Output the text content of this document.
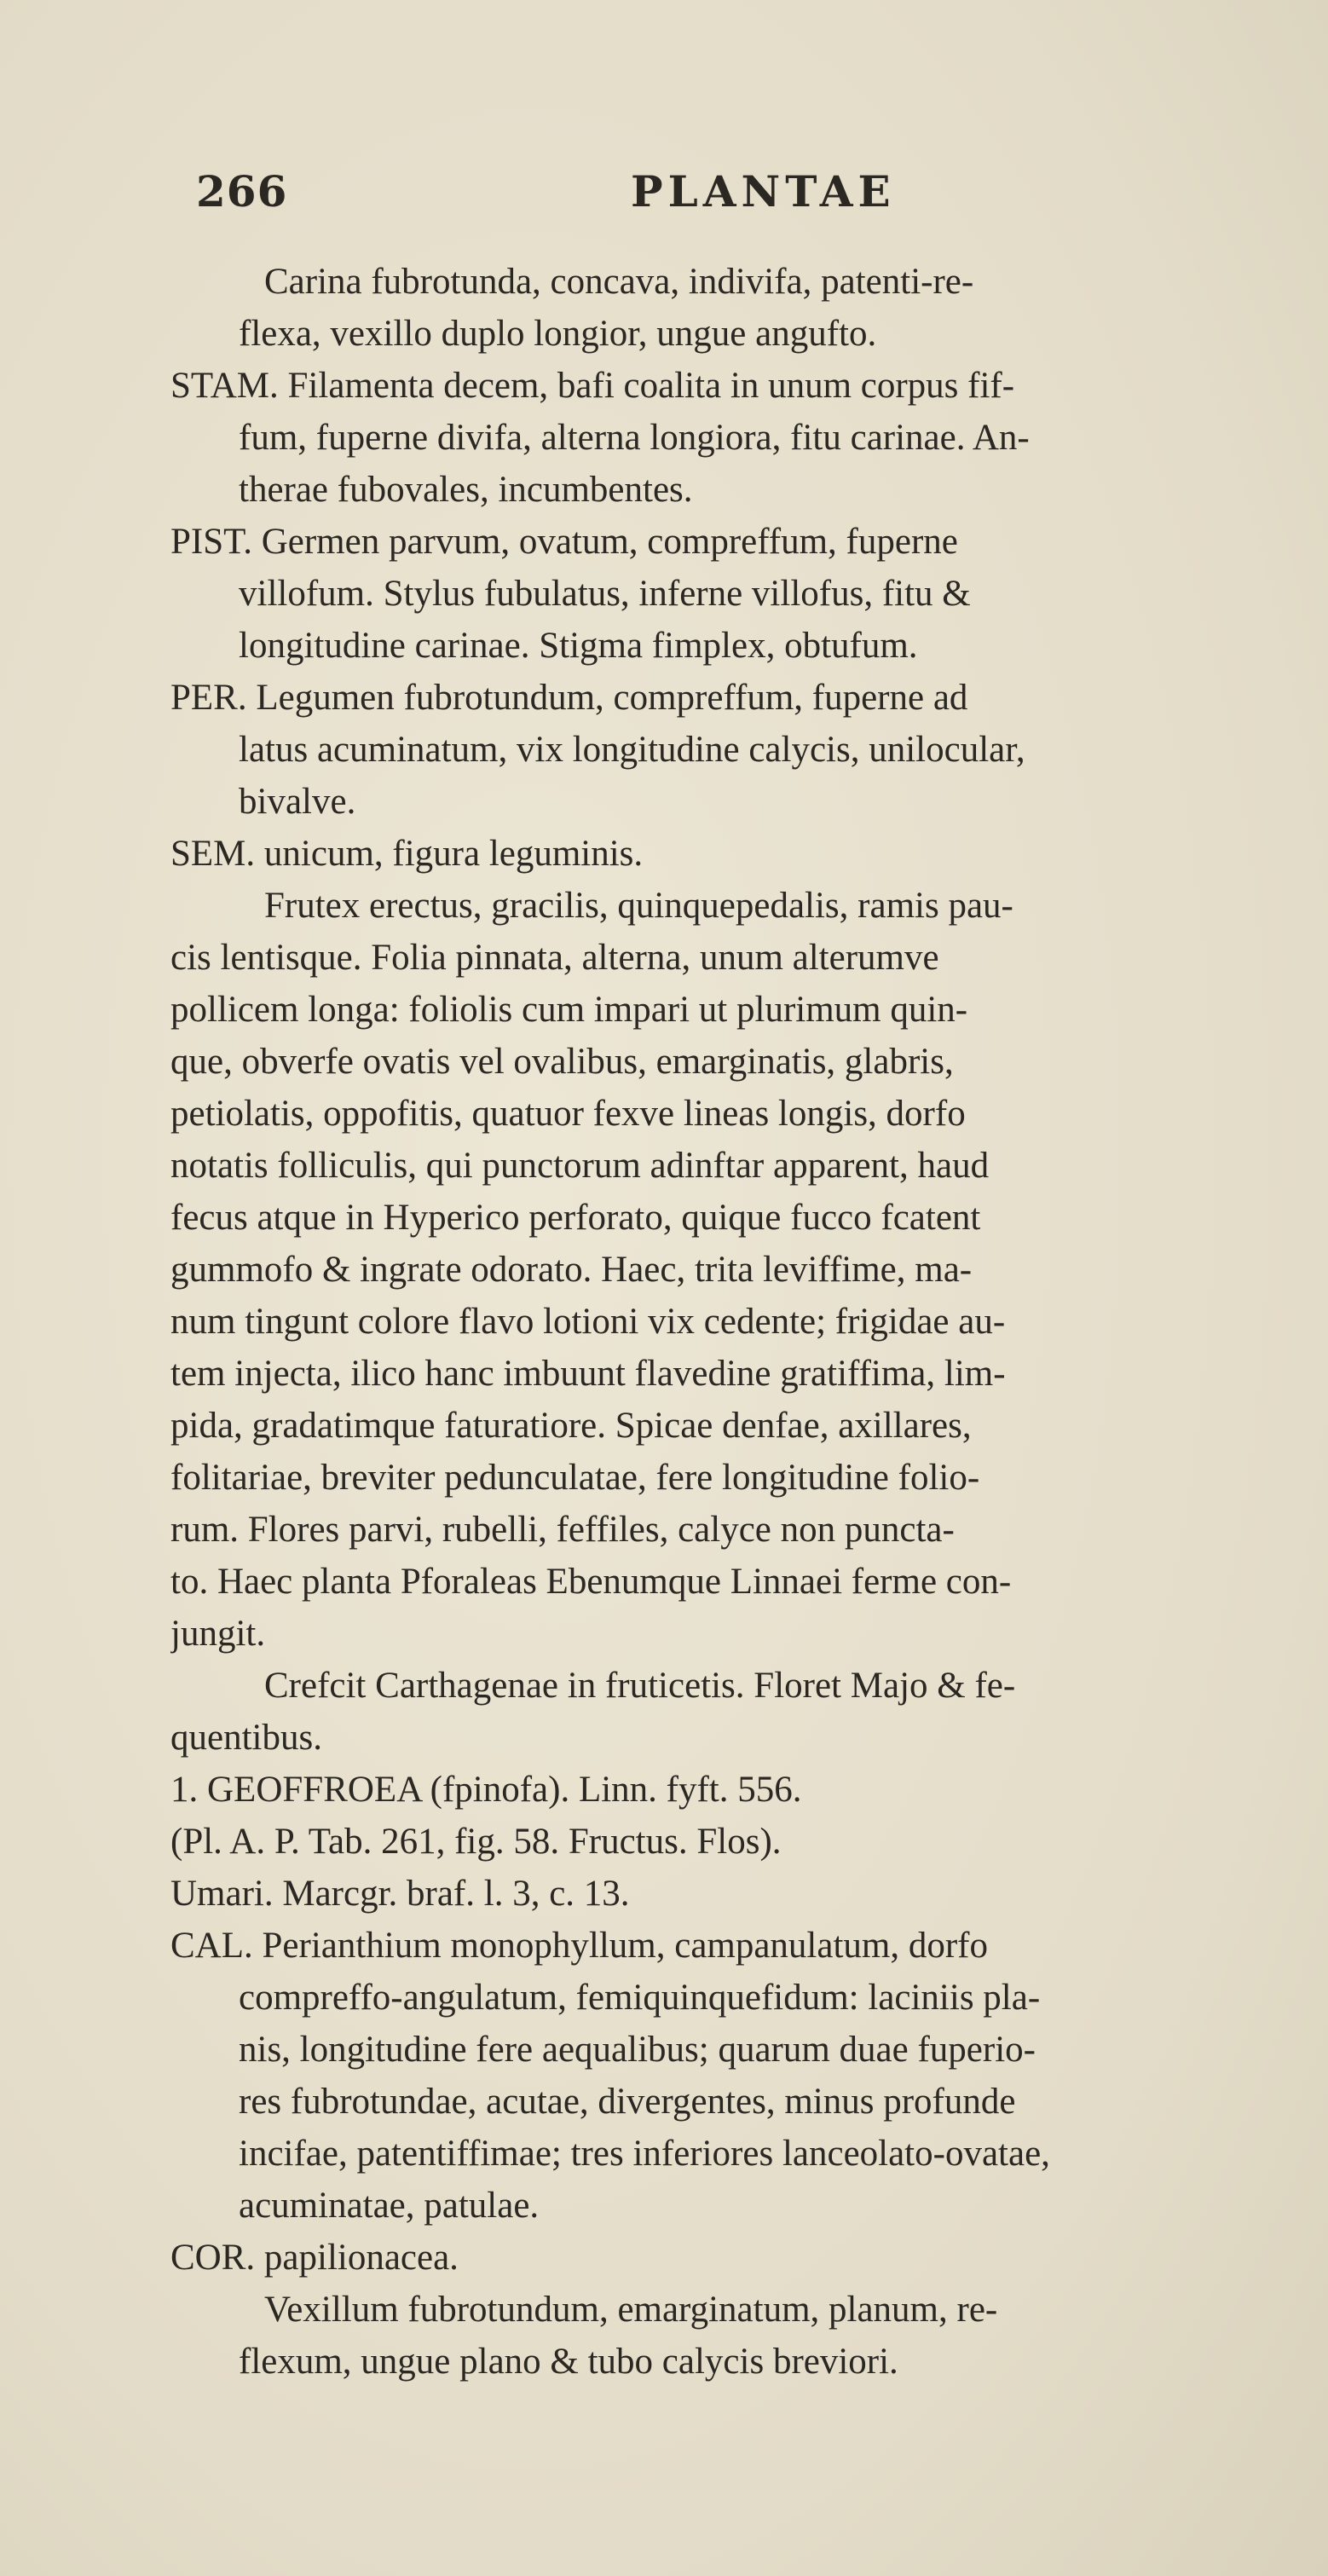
266	PLANTAE
Carina fubrotunda, concava, indivifa, patenti-re-
flexa, vexillo duplo longior, ungue angufto.
STAM. Filamenta decem, bafi coalita in unum corpus fif-
fum, fuperne divifa, alterna longiora, fitu carinae. An-
therae fubovales, incumbentes.
PIST. Germen parvum, ovatum, compreffum, fuperne
villofum. Stylus fubulatus, inferne villofus, fitu &
longitudine carinae. Stigma fimplex, obtufum.
PER. Legumen fubrotundum, compreffum, fuperne ad
latus acuminatum, vix longitudine calycis, unilocular,
bivalve.
SEM. unicum, figura leguminis.
Frutex erectus, gracilis, quinquepedalis, ramis pau-
cis lentisque. Folia pinnata, alterna, unum alterumve
pollicem longa: foliolis cum impari ut plurimum quin-
que, obverfe ovatis vel ovalibus, emarginatis, glabris,
petiolatis, oppofitis, quatuor fexve lineas longis, dorfo
notatis folliculis, qui punctorum adinftar apparent, haud
fecus atque in Hyperico perforato, quique fucco fcatent
gummofo & ingrate odorato. Haec, trita leviffime, ma-
num tingunt colore flavo lotioni vix cedente; frigidae au-
tem injecta, ilico hanc imbuunt flavedine gratiffima, lim-
pida, gradatimque faturatiore. Spicae denfae, axillares,
folitariae, breviter pedunculatae, fere longitudine folio-
rum. Flores parvi, rubelli, feffiles, calyce non puncta-
to. Haec planta Pforaleas Ebenumque Linnaei ferme con-
jungit.
Crefcit Carthagenae in fruticetis. Floret Majo & fe-
quentibus.
1. GEOFFROEA (fpinofa). Linn. fyft. 556.
(Pl. A. P. Tab. 261, fig. 58. Fructus. Flos).
Umari. Marcgr. braf. l. 3, c. 13.
CAL. Perianthium monophyllum, campanulatum, dorfo
compreffo-angulatum, femiquinquefidum: laciniis pla-
nis, longitudine fere aequalibus; quarum duae fuperio-
res fubrotundae, acutae, divergentes, minus profunde
incifae, patentiffimae; tres inferiores lanceolato-ovatae,
acuminatae, patulae.
COR. papilionacea.
Vexillum fubrotundum, emarginatum, planum, re-
flexum, ungue plano & tubo calycis breviori.
